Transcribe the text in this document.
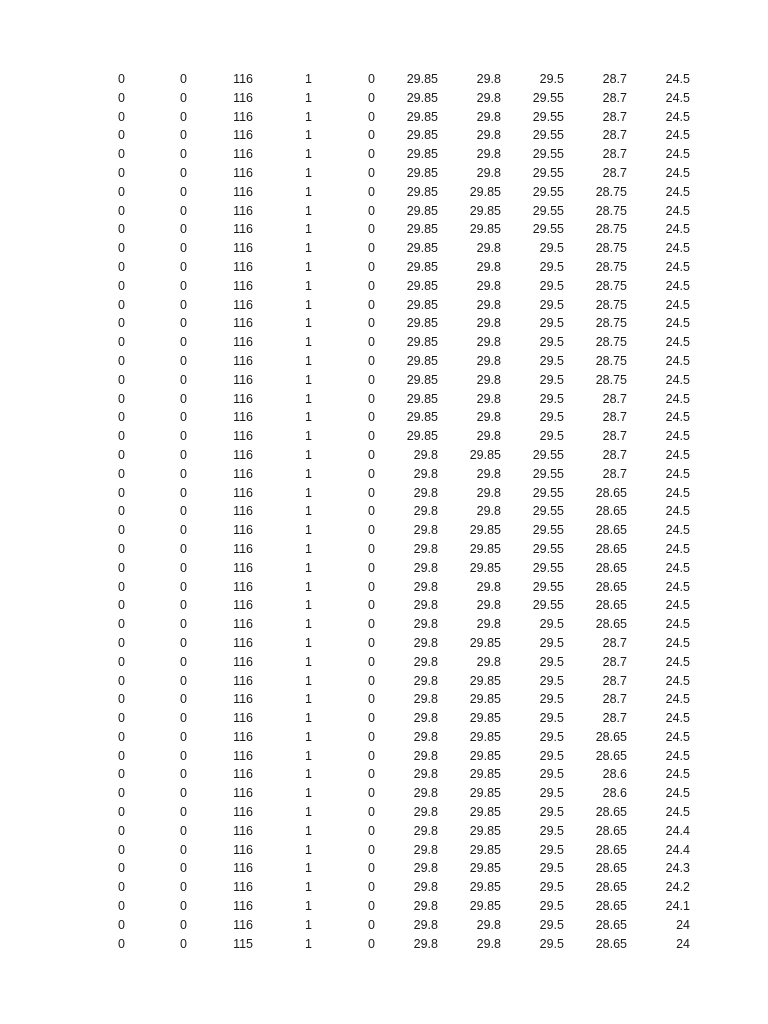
0	0	116	1	0	29.85	29.8	29.5	28.7	24.5
0	0	116	1	0	29.85	29.8	29.55	28.7	24.5
0	0	116	1	0	29.85	29.8	29.55	28.7	24.5
0	0	116	1	0	29.85	29.8	29.55	28.7	24.5
0	0	116	1	0	29.85	29.8	29.55	28.7	24.5
0	0	116	1	0	29.85	29.8	29.55	28.7	24.5
0	0	116	1	0	29.85	29.85	29.55	28.75	24.5
0	0	116	1	0	29.85	29.85	29.55	28.75	24.5
0	0	116	1	0	29.85	29.85	29.55	28.75	24.5
0	0	116	1	0	29.85	29.8	29.5	28.75	24.5
0	0	116	1	0	29.85	29.8	29.5	28.75	24.5
0	0	116	1	0	29.85	29.8	29.5	28.75	24.5
0	0	116	1	0	29.85	29.8	29.5	28.75	24.5
0	0	116	1	0	29.85	29.8	29.5	28.75	24.5
0	0	116	1	0	29.85	29.8	29.5	28.75	24.5
0	0	116	1	0	29.85	29.8	29.5	28.75	24.5
0	0	116	1	0	29.85	29.8	29.5	28.75	24.5
0	0	116	1	0	29.85	29.8	29.5	28.7	24.5
0	0	116	1	0	29.85	29.8	29.5	28.7	24.5
0	0	116	1	0	29.85	29.8	29.5	28.7	24.5
0	0	116	1	0	29.8	29.85	29.55	28.7	24.5
0	0	116	1	0	29.8	29.8	29.55	28.7	24.5
0	0	116	1	0	29.8	29.8	29.55	28.65	24.5
0	0	116	1	0	29.8	29.8	29.55	28.65	24.5
0	0	116	1	0	29.8	29.85	29.55	28.65	24.5
0	0	116	1	0	29.8	29.85	29.55	28.65	24.5
0	0	116	1	0	29.8	29.85	29.55	28.65	24.5
0	0	116	1	0	29.8	29.8	29.55	28.65	24.5
0	0	116	1	0	29.8	29.8	29.55	28.65	24.5
0	0	116	1	0	29.8	29.8	29.5	28.65	24.5
0	0	116	1	0	29.8	29.85	29.5	28.7	24.5
0	0	116	1	0	29.8	29.8	29.5	28.7	24.5
0	0	116	1	0	29.8	29.85	29.5	28.7	24.5
0	0	116	1	0	29.8	29.85	29.5	28.7	24.5
0	0	116	1	0	29.8	29.85	29.5	28.7	24.5
0	0	116	1	0	29.8	29.85	29.5	28.65	24.5
0	0	116	1	0	29.8	29.85	29.5	28.65	24.5
0	0	116	1	0	29.8	29.85	29.5	28.6	24.5
0	0	116	1	0	29.8	29.85	29.5	28.6	24.5
0	0	116	1	0	29.8	29.85	29.5	28.65	24.5
0	0	116	1	0	29.8	29.85	29.5	28.65	24.4
0	0	116	1	0	29.8	29.85	29.5	28.65	24.4
0	0	116	1	0	29.8	29.85	29.5	28.65	24.3
0	0	116	1	0	29.8	29.85	29.5	28.65	24.2
0	0	116	1	0	29.8	29.85	29.5	28.65	24.1
0	0	116	1	0	29.8	29.8	29.5	28.65	24
0	0	115	1	0	29.8	29.8	29.5	28.65	24
